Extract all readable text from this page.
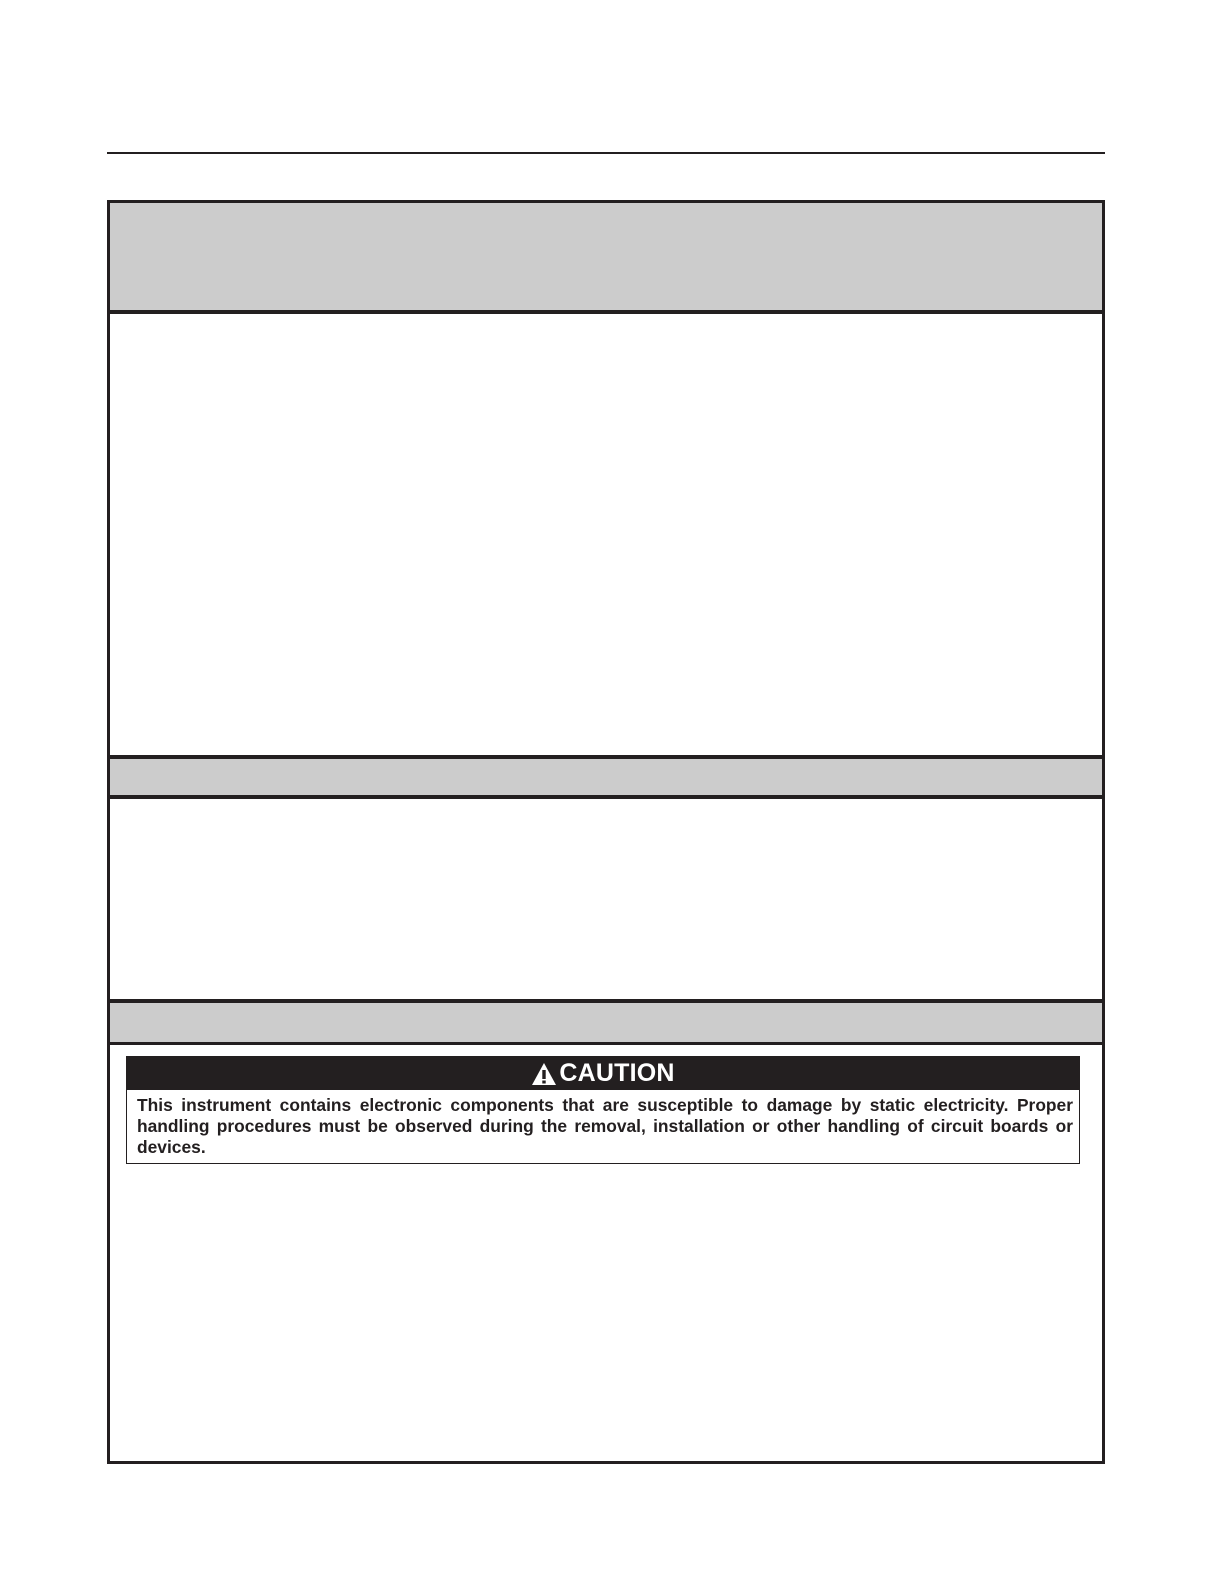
CAUTION
This instrument contains electronic components that are susceptible to damage by static electricity. Proper handling procedures must be observed during the removal, installation or other handling of circuit boards or devices.
